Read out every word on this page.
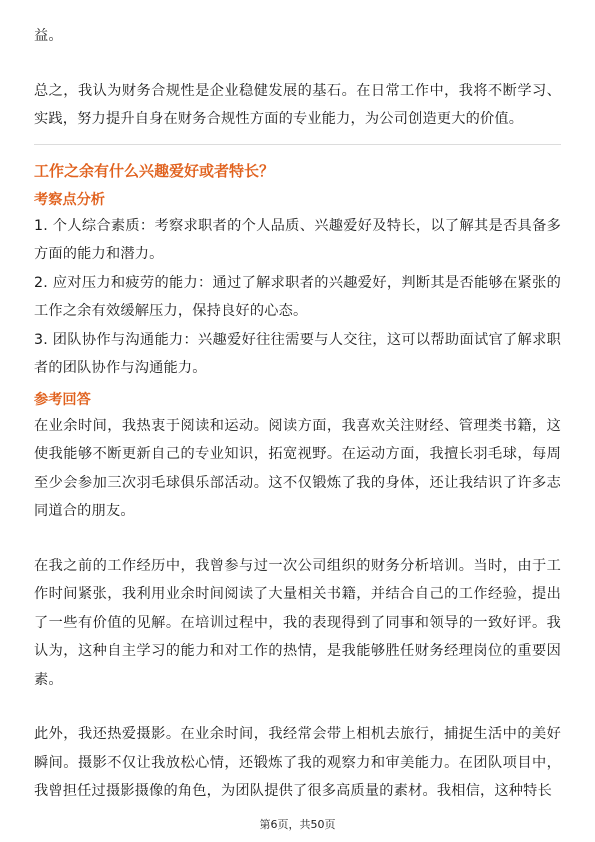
益。

总之，我认为财务合规性是企业稳健发展的基石。在日常工作中，我将不断学习、实践，努力提升自身在财务合规性方面的专业能力，为公司创造更大的价值。

工作之余有什么兴趣爱好或者特长？
考察点分析

1. 个人综合素质：考察求职者的个人品质、兴趣爱好及特长，以了解其是否具备多方面的能力和潜力。

2. 应对压力和疲劳的能力：通过了解求职者的兴趣爱好，判断其是否能够在紧张的工作之余有效缓解压力，保持良好的心态。

3. 团队协作与沟通能力：兴趣爱好往往需要与人交往，这可以帮助面试官了解求职者的团队协作与沟通能力。

参考回答

在业余时间，我热衷于阅读和运动。阅读方面，我喜欢关注财经、管理类书籍，这使我能够不断更新自己的专业知识，拓宽视野。在运动方面，我擅长羽毛球，每周至少会参加三次羽毛球俱乐部活动。这不仅锻炼了我的身体，还让我结识了许多志同道合的朋友。

在我之前的工作经历中，我曾参与过一次公司组织的财务分析培训。当时，由于工作时间紧张，我利用业余时间阅读了大量相关书籍，并结合自己的工作经验，提出了一些有价值的见解。在培训过程中，我的表现得到了同事和领导的一致好评。我认为，这种自主学习的能力和对工作的热情，是我能够胜任财务经理岗位的重要因素。

此外，我还热爱摄影。在业余时间，我经常会带上相机去旅行，捕捉生活中的美好瞬间。摄影不仅让我放松心情，还锻炼了我的观察力和审美能力。在团队项目中，我曾担任过摄影摄像的角色，为团队提供了很多高质量的素材。我相信，这种特长

第6页，共50页
